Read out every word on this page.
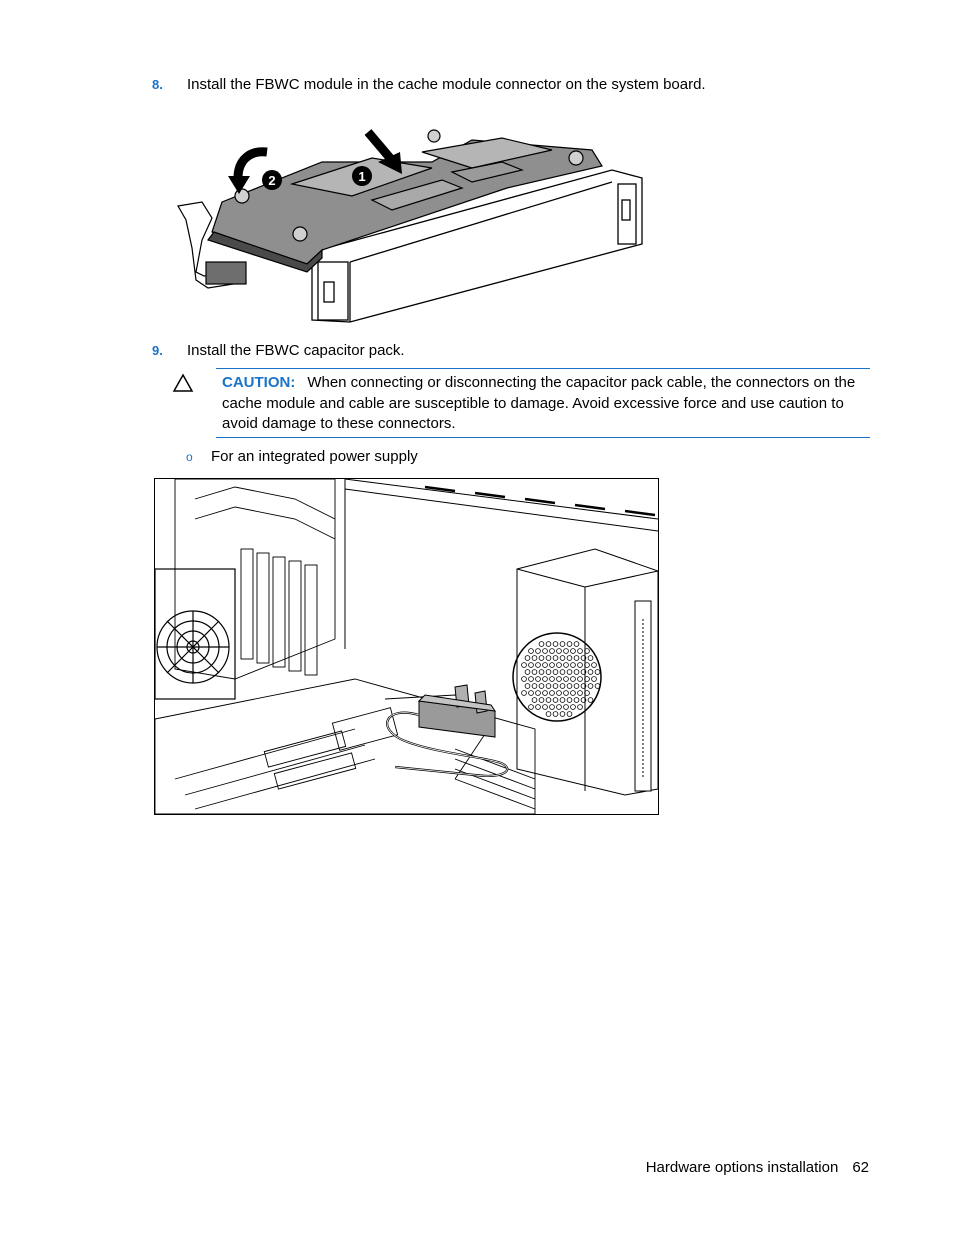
8. Install the FBWC module in the cache module connector on the system board.
2	1
9. Install the FBWC capacitor pack.
CAUTION: When connecting or disconnecting the capacitor pack cable, the connectors on the cache module and cable are susceptible to damage. Avoid excessive force and use caution to avoid damage to these connectors.
o For an integrated power supply
Hardware options installation 62
